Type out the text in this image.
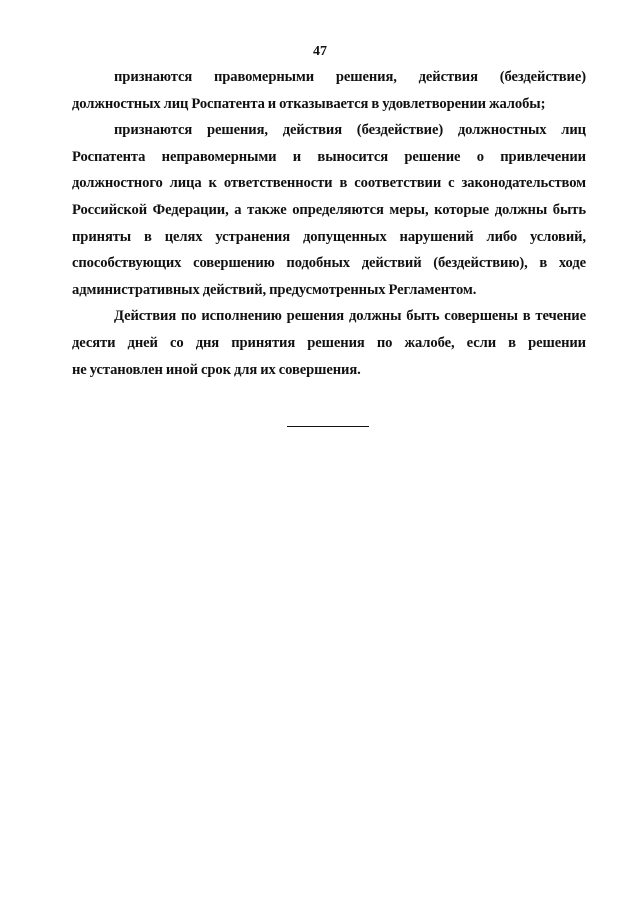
47

признаются правомерными решения, действия (бездействие)
должностных лиц Роспатента и отказывается в удовлетворении жалобы;

признаются решения, действия (бездействие) должностных лиц
Роспатента неправомерными и выносится решение о привлечении
должностного лица к ответственности в соответствии с законодательством
Российской Федерации, а также определяются меры, которые должны быть
приняты в целях устранения допущенных нарушений либо условий,
способствующих совершению подобных действий (бездействию), в ходе
административных действий, предусмотренных Регламентом.

Действия по исполнению решения должны быть совершены в течение
десяти дней со дня принятия решения по жалобе, если в решении
не установлен иной срок для их совершения.
